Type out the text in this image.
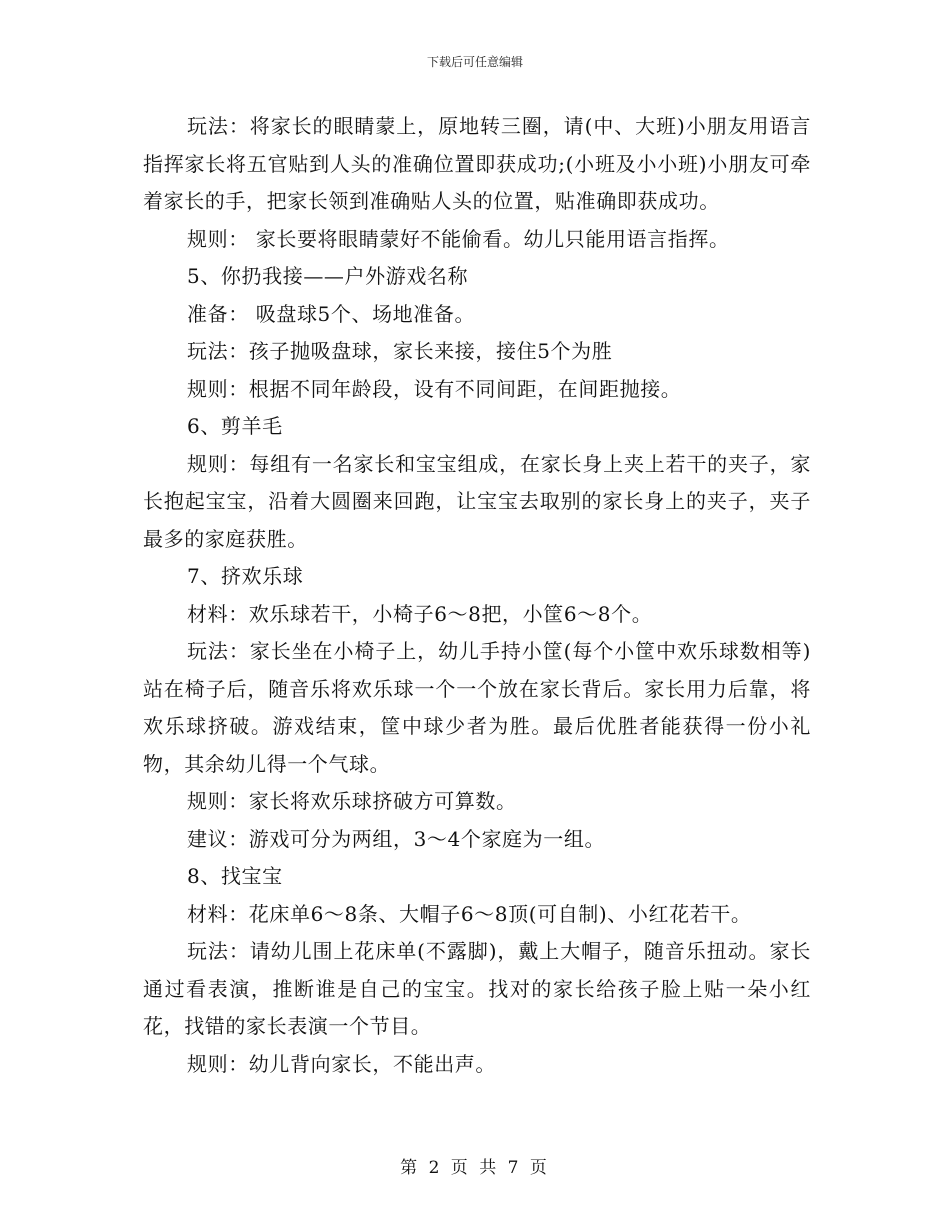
下载后可任意编辑

玩法：将家长的眼睛蒙上，原地转三圈，请(中、大班)小朋友用语言指挥家长将五官贴到人头的准确位置即获成功;(小班及小小班)小朋友可牵着家长的手，把家长领到准确贴人头的位置，贴准确即获成功。

规则： 家长要将眼睛蒙好不能偷看。幼儿只能用语言指挥。

5、你扔我接——户外游戏名称

准备： 吸盘球5个、场地准备。

玩法：孩子抛吸盘球，家长来接，接住5个为胜

规则：根据不同年龄段，设有不同间距，在间距抛接。

6、剪羊毛

规则：每组有一名家长和宝宝组成，在家长身上夹上若干的夹子，家长抱起宝宝，沿着大圆圈来回跑，让宝宝去取别的家长身上的夹子，夹子最多的家庭获胜。

7、挤欢乐球

材料：欢乐球若干，小椅子6～8把，小筐6～8个。

玩法：家长坐在小椅子上，幼儿手持小筐(每个小筐中欢乐球数相等)站在椅子后，随音乐将欢乐球一个一个放在家长背后。家长用力后靠，将欢乐球挤破。游戏结束，筐中球少者为胜。最后优胜者能获得一份小礼物，其余幼儿得一个气球。

规则：家长将欢乐球挤破方可算数。

建议：游戏可分为两组，3～4个家庭为一组。

8、找宝宝

材料：花床单6～8条、大帽子6～8顶(可自制)、小红花若干。

玩法：请幼儿围上花床单(不露脚)，戴上大帽子，随音乐扭动。家长通过看表演，推断谁是自己的宝宝。找对的家长给孩子脸上贴一朵小红花，找错的家长表演一个节目。

规则：幼儿背向家长，不能出声。

第 2 页 共 7 页
